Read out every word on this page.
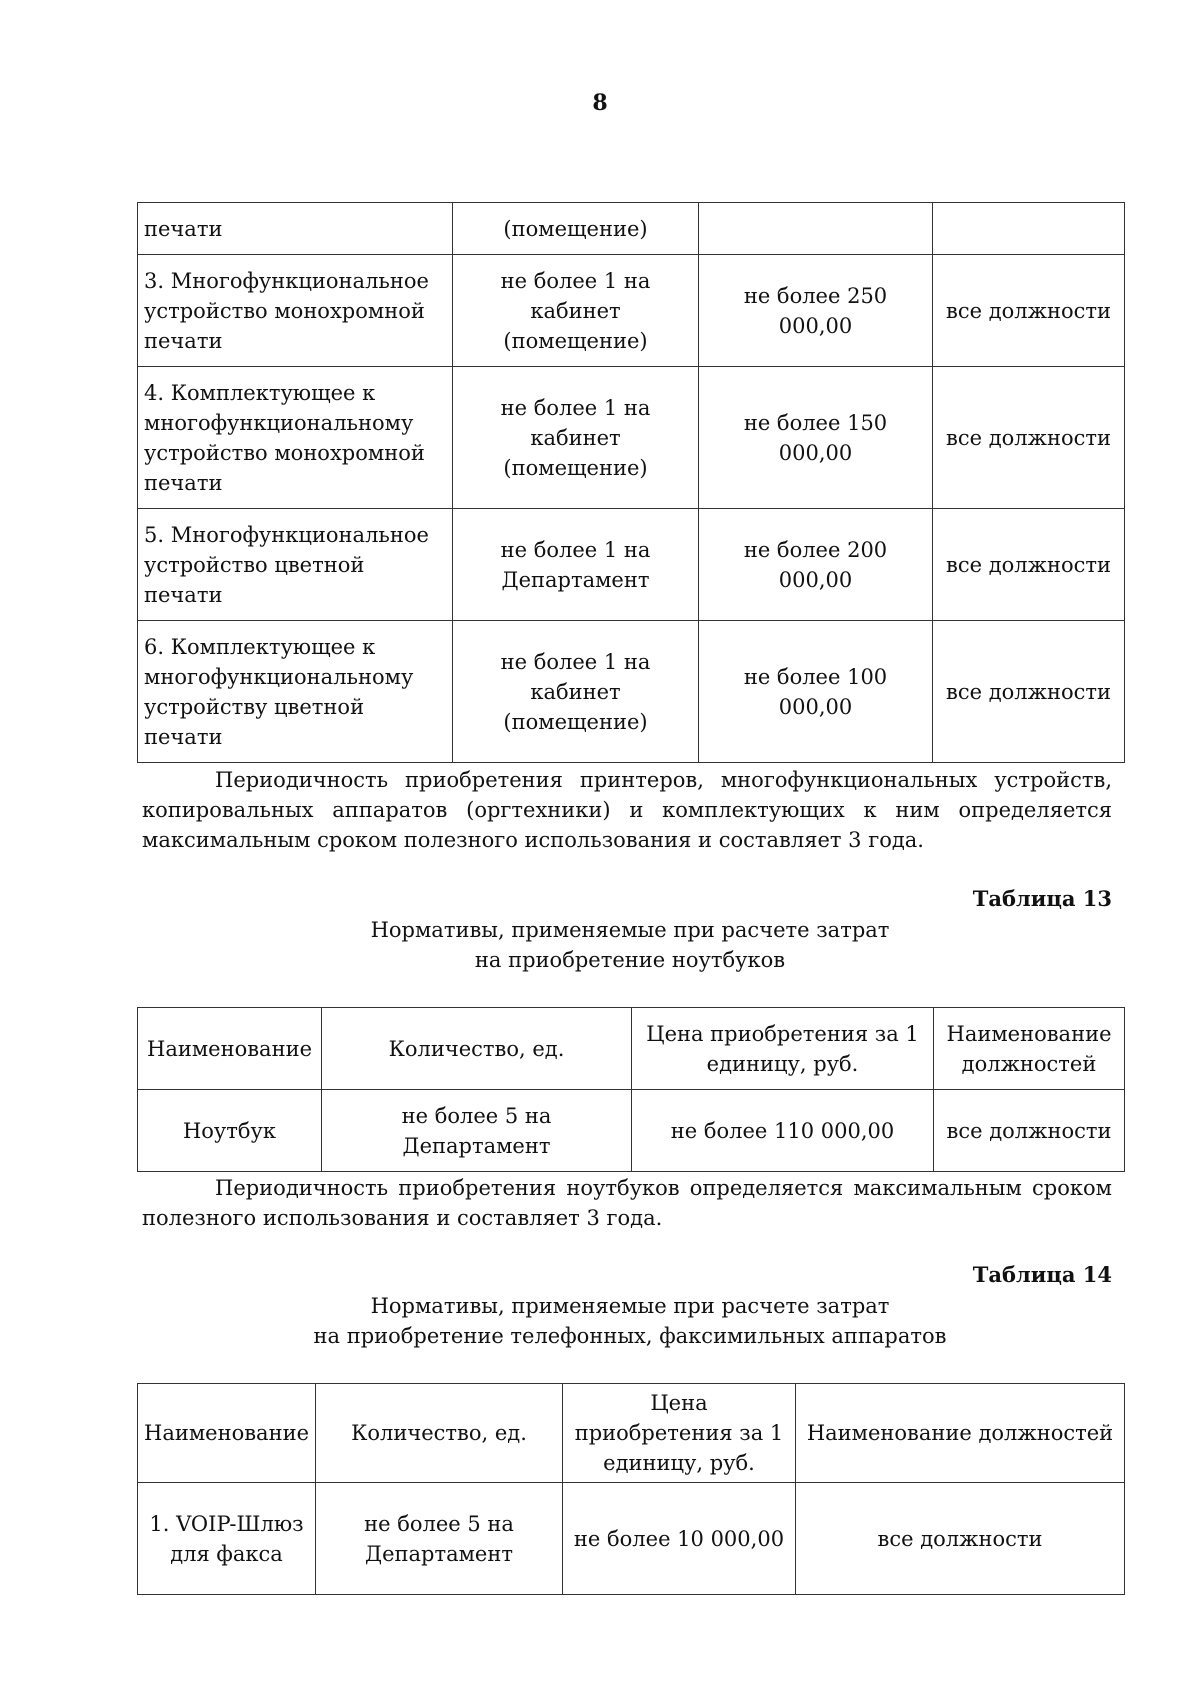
8
печати	(помещение)		
3. Многофункциональное устройство монохромной печати	не более 1 на кабинет (помещение)	не более 250 000,00	все должности
4. Комплектующее к многофункциональному устройство монохромной печати	не более 1 на кабинет (помещение)	не более 150 000,00	все должности
5. Многофункциональное устройство цветной печати	не более 1 на Департамент	не более 200 000,00	все должности
6. Комплектующее к многофункциональному устройству цветной печати	не более 1 на кабинет (помещение)	не более 100 000,00	все должности

Периодичность приобретения принтеров, многофункциональных устройств, копировальных аппаратов (оргтехники) и комплектующих к ним определяется максимальным сроком полезного использования и составляет 3 года.

Таблица 13
Нормативы, применяемые при расчете затрат
на приобретение ноутбуков
Наименование	Количество, ед.	Цена приобретения за 1 единицу, руб.	Наименование должностей
Ноутбук	не более 5 на Департамент	не более 110 000,00	все должности

Периодичность приобретения ноутбуков определяется максимальным сроком полезного использования и составляет 3 года.

Таблица 14
Нормативы, применяемые при расчете затрат
на приобретение телефонных, факсимильных аппаратов
Наименование	Количество, ед.	Цена приобретения за 1 единицу, руб.	Наименование должностей
1. VOIP-Шлюз для факса	не более 5 на Департамент	не более 10 000,00	все должности
